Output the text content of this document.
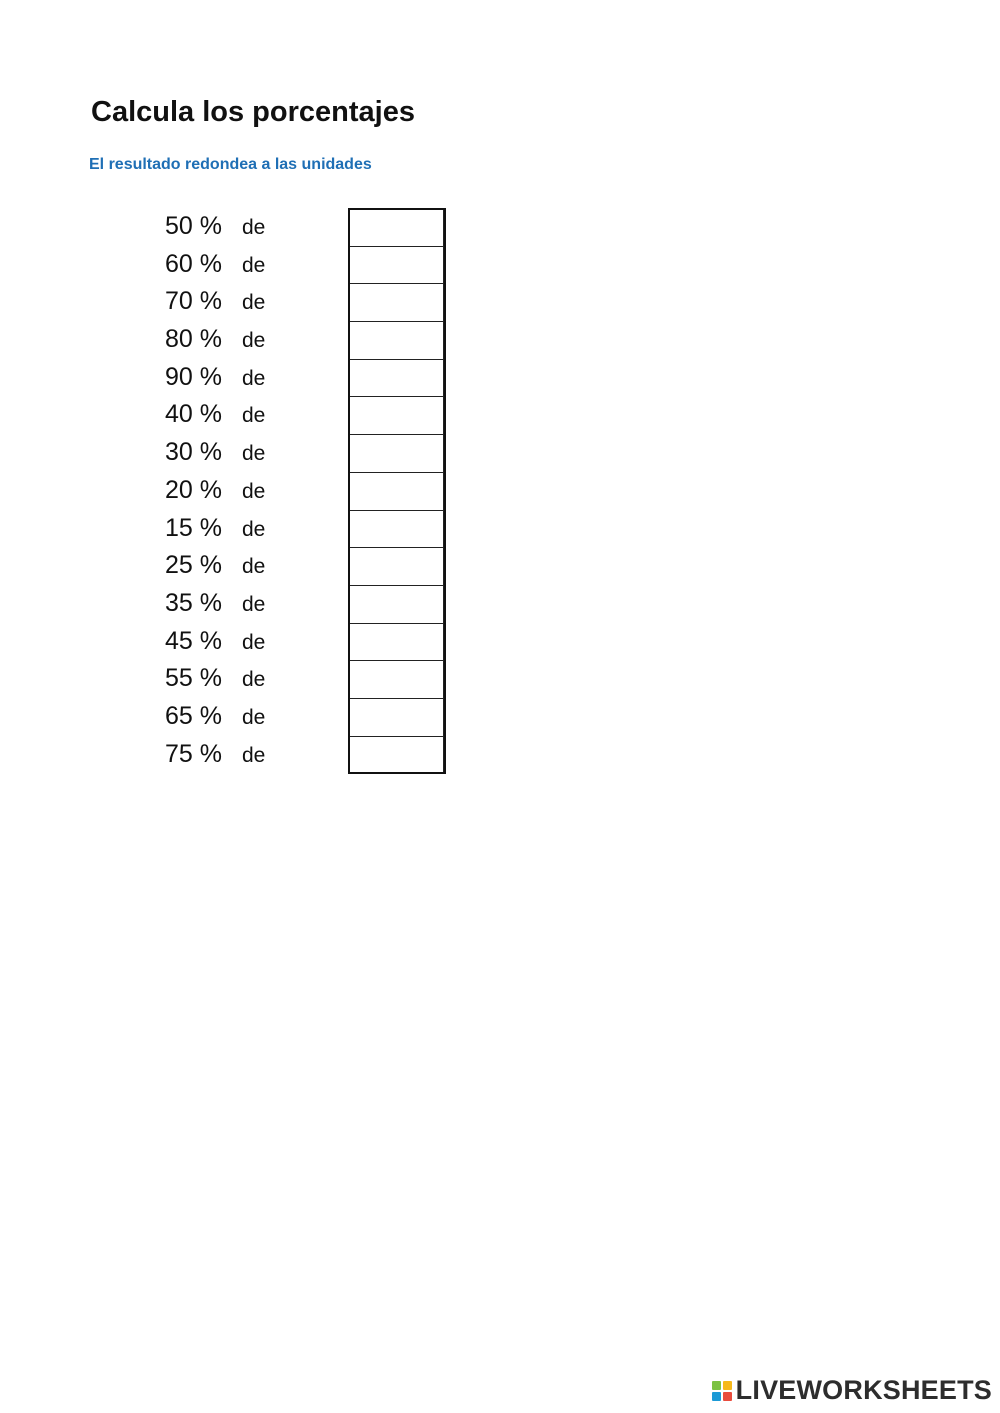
Calcula los porcentajes
El resultado redondea a las unidades
50 % de
60 % de
70 % de
80 % de
90 % de
40 % de
30 % de
20 % de
15 % de
25 % de
35 % de
45 % de
55 % de
65 % de
75 % de
LIVEWORKSHEETS
